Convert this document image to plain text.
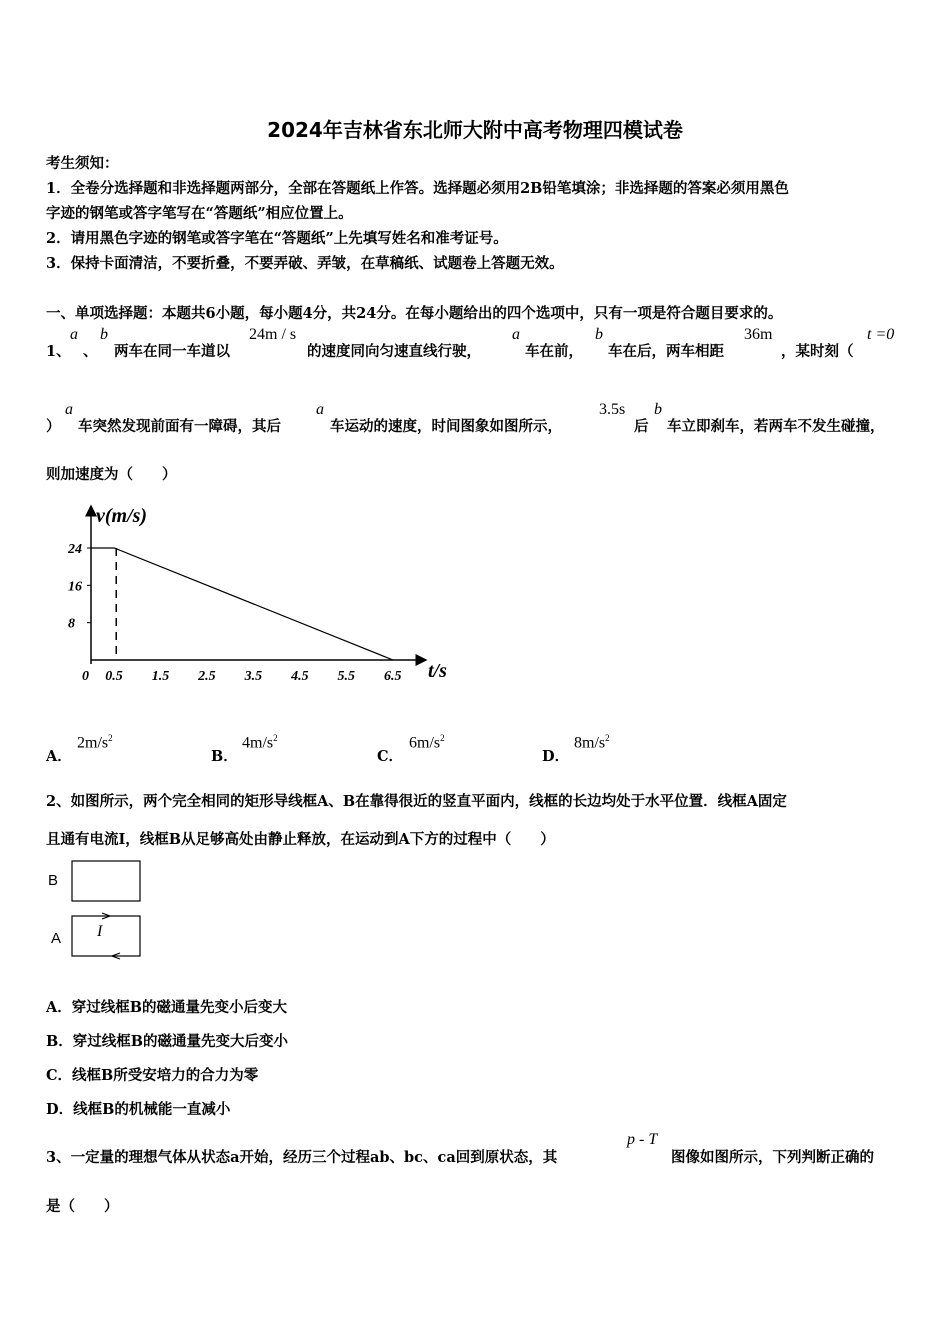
2024年吉林省东北师大附中高考物理四模试卷
考生须知：
1．全卷分选择题和非选择题两部分，全部在答题纸上作答。选择题必须用2B铅笔填涂；非选择题的答案必须用黑色
字迹的钢笔或答字笔写在“答题纸”相应位置上。
2．请用黑色字迹的钢笔或答字笔在“答题纸”上先填写姓名和准考证号。
3．保持卡面清洁，不要折叠，不要弄破、弄皱，在草稿纸、试题卷上答题无效。
一、单项选择题：本题共6小题，每小题4分，共24分。在每小题给出的四个选项中，只有一项是符合题目要求的。
1、
a
、
b
两车在同一车道以
24m / s
的速度同向匀速直线行驶，
a
车在前，
b
车在后，两车相距
36m
，某时刻（
t =0
）
a
车突然发现前面有一障碍，其后
a
车运动的速度，时间图象如图所示，
3.5s
后
b
车立即刹车，若两车不发生碰撞，
则加速度为（　　）
v(m/s)
t/s
24
16
8
0 0.5 1.5 2.5 3.5 4.5 5.5 6.5
A．
$2m/s^2$
B．
$4m/s^2$
C．
$6m/s^2$
D．
$8m/s^2$
2、如图所示，两个完全相同的矩形导线框A、B在靠得很近的竖直平面内，线框的长边均处于水平位置．线框A固定
且通有电流I，线框B从足够高处由静止释放，在运动到A下方的过程中（　　）
B
A I
A．穿过线框B的磁通量先变小后变大
B．穿过线框B的磁通量先变大后变小
C．线框B所受安培力的合力为零
D．线框B的机械能一直减小
3、一定量的理想气体从状态a开始，经历三个过程ab、bc、ca回到原状态，其
p - T
图像如图所示，下列判断正确的
是（　　）
